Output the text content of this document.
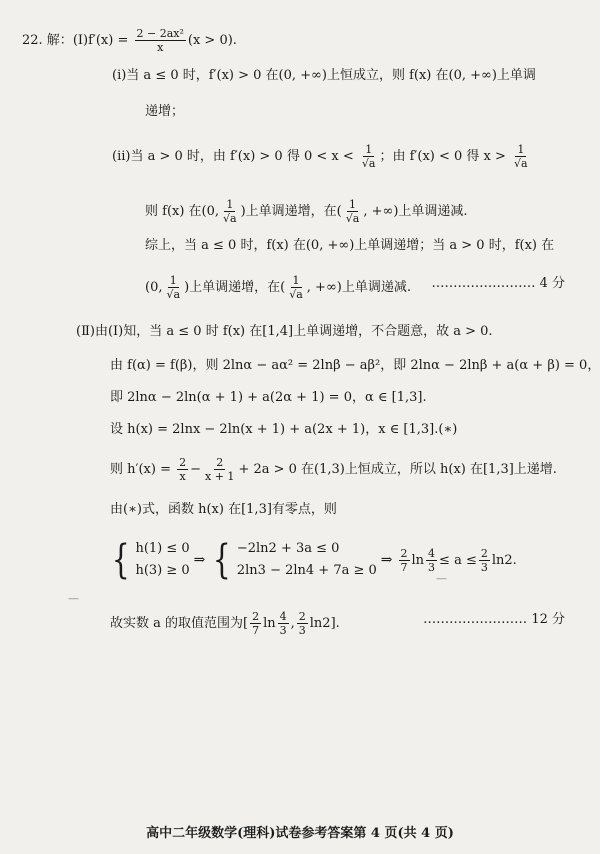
22. 解：(Ⅰ)f′(x) = $\frac{\text{2 − 2ax²}}{x} (x > 0)$.
(ⅰ)当 a ≤ 0 时，f′(x) > 0 在(0, +∞)上恒成立，则 f(x) 在(0, +∞)上单调
递增；
(ⅱ)当 a > 0 时，由 f′(x) > 0 得 $0 < x < \frac{1}{√a}$ ；由 f′(x) < 0 得 $x > \frac{1}{√a}$
则 f(x) 在(0, $\frac{1}{√a}$ )上单调递增，在( $\frac{1}{√a}$ , +∞)上单调递减.
综上，当 a ≤ 0 时，f(x) 在(0, +∞)上单调递增；当 a > 0 时，f(x) 在
(0, $\frac{1}{√a}$ )上单调递增，在( $\frac{1}{√a}$ , +∞)上单调递减. …………………… 4 分
(Ⅱ)由(Ⅰ)知，当 a ≤ 0 时 f(x) 在[1,4]上单调递增，不合题意，故 a > 0.
由 f(α) = f(β)，则 2lnα − aα² = 2lnβ − aβ²，即 2lnα − 2lnβ + a(α + β) = 0，
即 2lnα − 2ln(α + 1) + a(2α + 1) = 0，α ∈ [1,3].
设 h(x) = 2lnx − 2ln(x + 1) + a(2x + 1)，x ∈ [1,3].(∗)
则 $h'(x) = \frac{2}{x} - \frac{2}{x + 1} + 2a > 0$ 在(1,3)上恒成立，所以 h(x) 在[1,3]上递增.
由(∗)式，函数 h(x) 在[1,3]有零点，则
{ h(1) ≤ 0
h(3) ≥ 0
⇒ { −2ln2 + 3a ≤ 0
2ln3 − 2ln4 + 7a ≥ 0
⇒ $\frac{2}{7}$ $\ln \frac{4}{3} \le a \le \frac{2}{3} \ln 2$.
故实数 a 的取值范围为[ $\frac{2}{7}$ $\ln \frac{4}{3}$ , $\frac{2}{3} \ln 2$].	…………………… 12 分
—
—
高中二年级数学(理科)试卷参考答案第 4 页(共 4 页)
